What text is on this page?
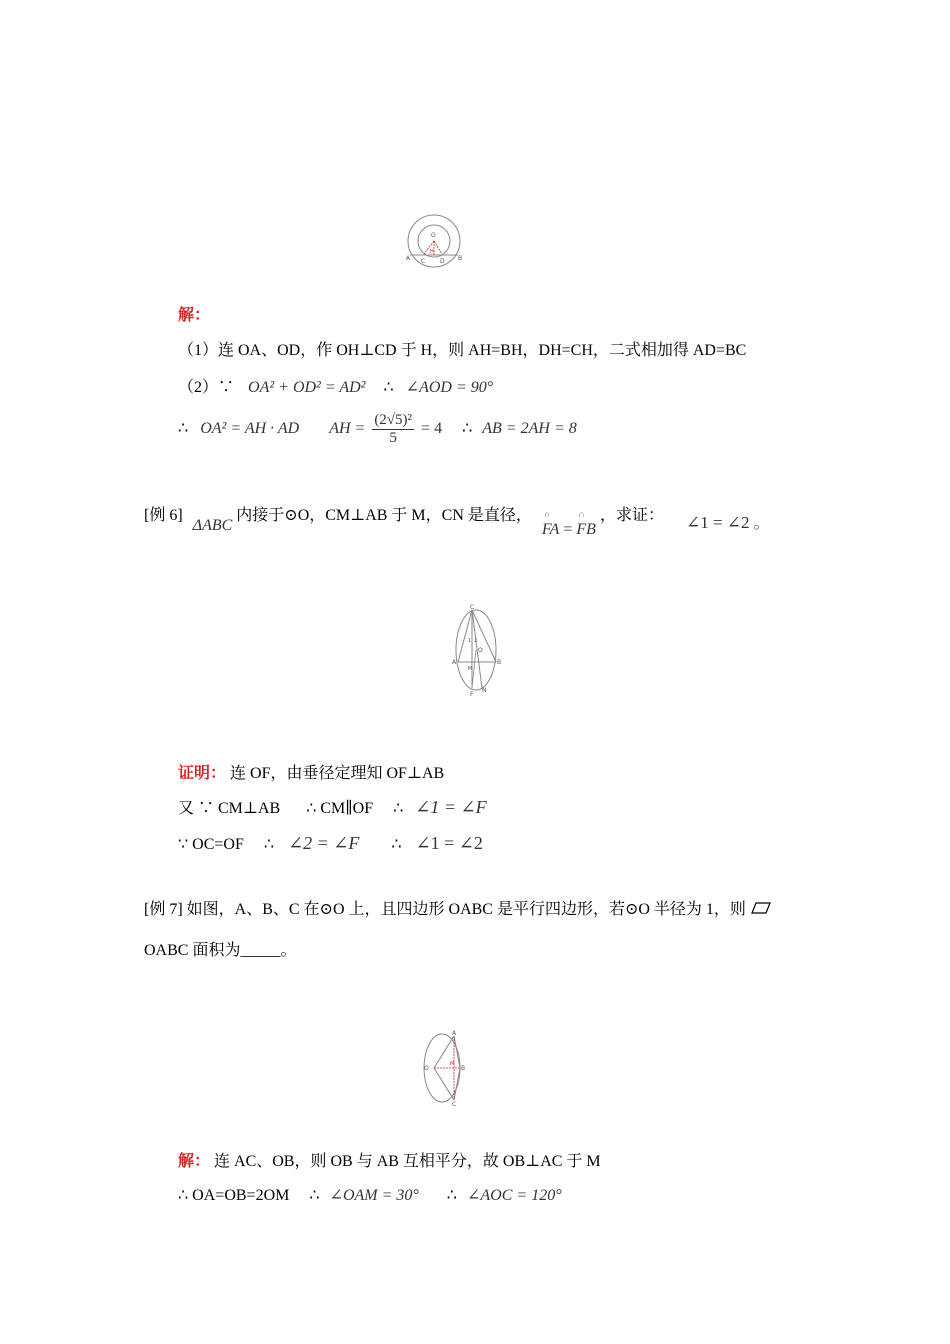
O
H
A C D B
解：
（1）连 OA、OD，作 OH⊥CD 于 H，则 AH=BH，DH=CH，二式相加得 AD=BC
（2）∵ OA² + OD² = AD² ∴ ∠AOD = 90°
∴ OA² = AH · AD AH = $\frac{\text{(2√5)²}}{5} = 4$ ∴ AB = 2AH = 8
[例 6] ΔABC 内接于⊙O，CM⊥AB 于 M，CN 是直径， ∩ FA = ∩ FB ，求证： ∠1 = ∠2 。
C
1 2
O
A
M
B
F
N
证明： 连 OF，由垂径定理知 OF⊥AB
又 ∵ CM⊥AB ∴ CM∥OF ∴ ∠1 = ∠F
∵ OC=OF ∴ ∠2 = ∠F ∴ ∠1 = ∠2
[例 7] 如图，A、B、C 在⊙O 上，且四边形 OABC 是平行四边形，若⊙O 半径为 1，则
OABC 面积为_____。
A
O
M
B
C
解： 连 AC、OB，则 OB 与 AB 互相平分，故 OB⊥AC 于 M
∴ OA=OB=2OM ∴ ∠OAM = 30° ∴ ∠AOC = 120°
